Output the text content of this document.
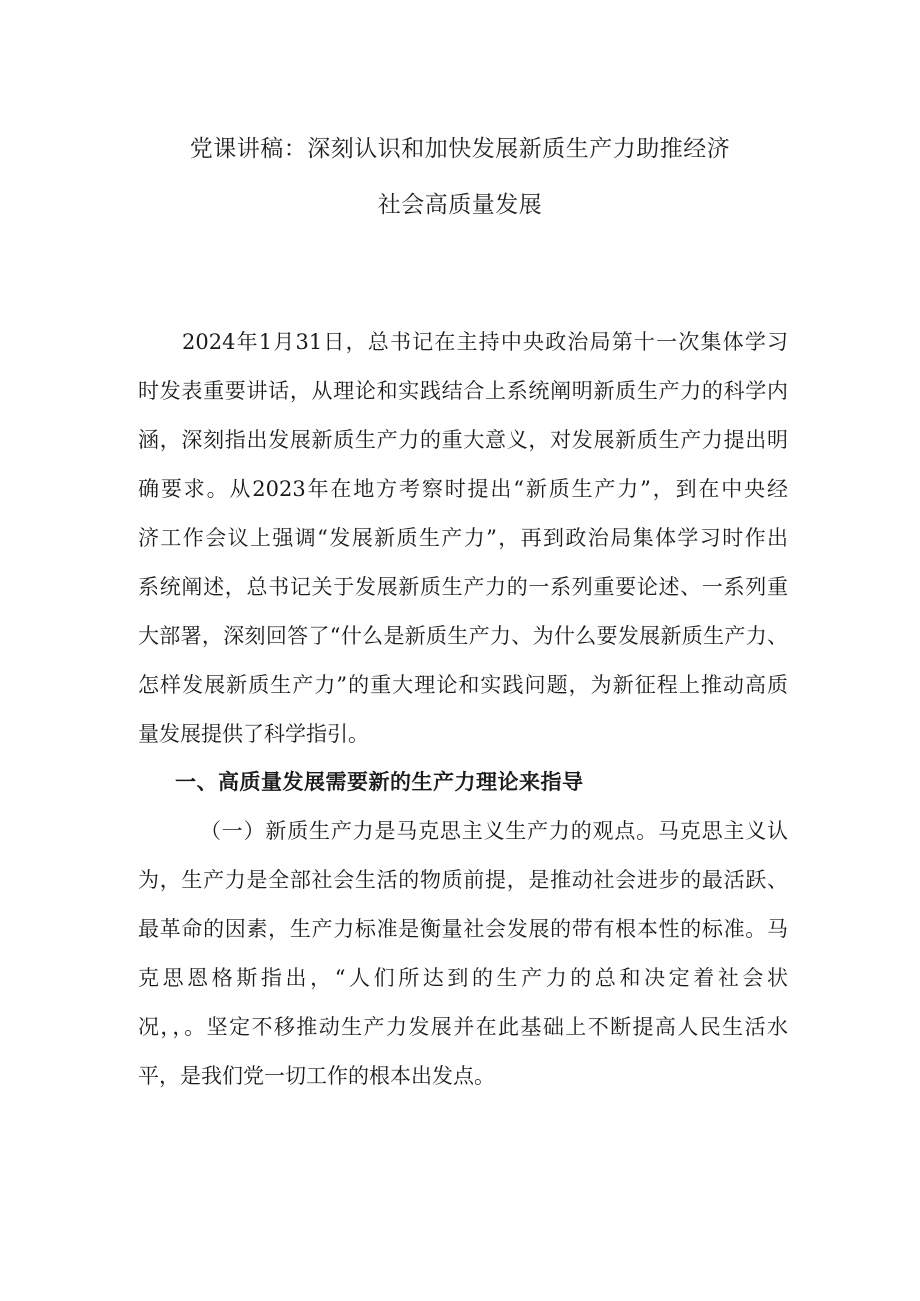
党课讲稿：深刻认识和加快发展新质生产力助推经济
社会高质量发展
2024年1月31日，总书记在主持中央政治局第十一次集体学习
时发表重要讲话，从理论和实践结合上系统阐明新质生产力的科学内
涵，深刻指出发展新质生产力的重大意义，对发展新质生产力提出明
确要求。从2023年在地方考察时提出“新质生产力”，到在中央经
济工作会议上强调“发展新质生产力”，再到政治局集体学习时作出
系统阐述，总书记关于发展新质生产力的一系列重要论述、一系列重
大部署，深刻回答了“什么是新质生产力、为什么要发展新质生产力、
怎样发展新质生产力”的重大理论和实践问题，为新征程上推动高质
量发展提供了科学指引。
一、高质量发展需要新的生产力理论来指导
（一）新质生产力是马克思主义生产力的观点。马克思主义认
为，生产力是全部社会生活的物质前提，是推动社会进步的最活跃、
最革命的因素，生产力标准是衡量社会发展的带有根本性的标准。马
克思恩格斯指出，“人们所达到的生产力的总和决定着社会状
况，，。坚定不移推动生产力发展并在此基础上不断提高人民生活水
平，是我们党一切工作的根本出发点。
